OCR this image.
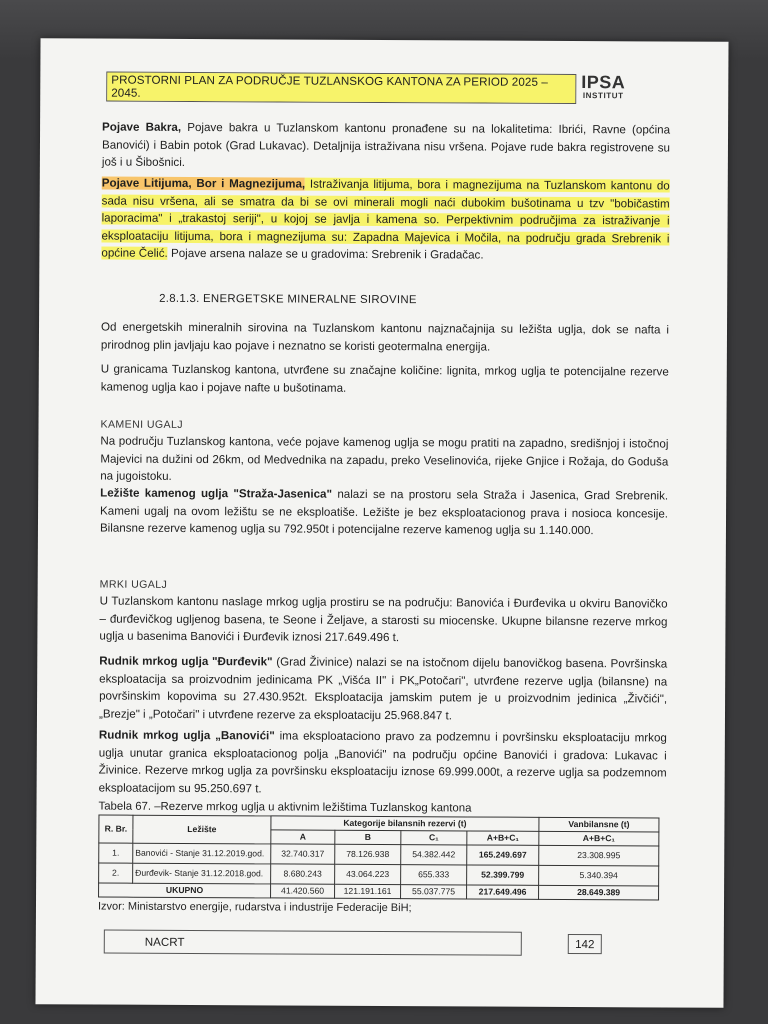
PROSTORNI PLAN ZA PODRUČJE TUZLANSKOG KANTONA ZA PERIOD 2025 – 2045.
IPSA
INSTITUT

Pojave Bakra, Pojave bakra u Tuzlanskom kantonu pronađene su na lokalitetima: Ibrići, Ravne (općina Banovići) i Babin potok (Grad Lukavac). Detaljnija istraživana nisu vršena. Pojave rude bakra registrovene su još i u Šibošnici.

Pojave Litijuma, Bor i Magnezijuma, Istraživanja litijuma, bora i magnezijuma na Tuzlanskom kantonu do sada nisu vršena, ali se smatra da bi se ovi minerali mogli naći dubokim bušotinama u tzv "bobičastim laporacima" i „trakastoj seriji", u kojoj se javlja i kamena so. Perpektivnim područjima za istraživanje i eksploataciju litijuma, bora i magnezijuma su: Zapadna Majevica i Močila, na području grada Srebrenik i općine Čelić. Pojave arsena nalaze se u gradovima: Srebrenik i Gradačac.

2.8.1.3. ENERGETSKE MINERALNE SIROVINE

Od energetskih mineralnih sirovina na Tuzlanskom kantonu najznačajnija su ležišta uglja, dok se nafta i prirodnog plin javljaju kao pojave i neznatno se koristi geotermalna energija.

U granicama Tuzlanskog kantona, utvrđene su značajne količine: lignita, mrkog uglja te potencijalne rezerve kamenog uglja kao i pojave nafte u bušotinama.

KAMENI UGALJ

Na području Tuzlanskog kantona, veće pojave kamenog uglja se mogu pratiti na zapadno, središnjoj i istočnoj Majevici na dužini od 26km, od Medvednika na zapadu, preko Veselinovića, rijeke Gnjice i Rožaja, do Goduša na jugoistoku.

Ležište kamenog uglja "Straža-Jasenica" nalazi se na prostoru sela Straža i Jasenica, Grad Srebrenik. Kameni ugalj na ovom ležištu se ne eksploatiše. Ležište je bez eksploatacionog prava i nosioca koncesije. Bilansne rezerve kamenog uglja su 792.950t i potencijalne rezerve kamenog uglja su 1.140.000.

MRKI UGALJ

U Tuzlanskom kantonu naslage mrkog uglja prostiru se na području: Banovića i Đurđevika u okviru Banovičko – đurđevičkog ugljenog basena, te Seone i Željave, a starosti su miocenske. Ukupne bilansne rezerve mrkog uglja u basenima Banovići i Đurđevik iznosi 217.649.496 t.

Rudnik mrkog uglja "Đurđevik" (Grad Živinice) nalazi se na istočnom dijelu banovičkog basena. Površinska eksploatacija sa proizvodnim jedinicama PK „Višća II" i PK„Potočari", utvrđene rezerve uglja (bilansne) na površinskim kopovima su 27.430.952t. Eksploatacija jamskim putem je u proizvodnim jedinica „Živčići", „Brezje" i „Potočari" i utvrđene rezerve za eksploataciju 25.968.847 t.

Rudnik mrkog uglja „Banovići" ima eksploataciono pravo za podzemnu i površinsku eksploataciju mrkog uglja unutar granica eksploatacionog polja „Banovići" na području općine Banovići i gradova: Lukavac i Živinice. Rezerve mrkog uglja za površinsku eksploataciju iznose 69.999.000t, a rezerve uglja sa podzemnom eksploatacijom su 95.250.697 t.

Tabela 67. –Rezerve mrkog uglja u aktivnim ležištima Tuzlanskog kantona

R. Br.	Ležište	Kategorije bilansnih rezervi (t)				Vanbilansne (t)
		A	B	C₁	A+B+C₁	A+B+C₁
1.	Banovići - Stanje 31.12.2019.god.	32.740.317	78.126.938	54.382.442	165.249.697	23.308.995
2.	Đurđevik- Stanje 31.12.2018.god.	8.680.243	43.064.223	655.333	52.399.799	5.340.394
UKUPNO		41.420.560	121.191.161	55.037.775	217.649.496	28.649.389

Izvor: Ministarstvo energije, rudarstva i industrije Federacije BiH;

NACRT	142
